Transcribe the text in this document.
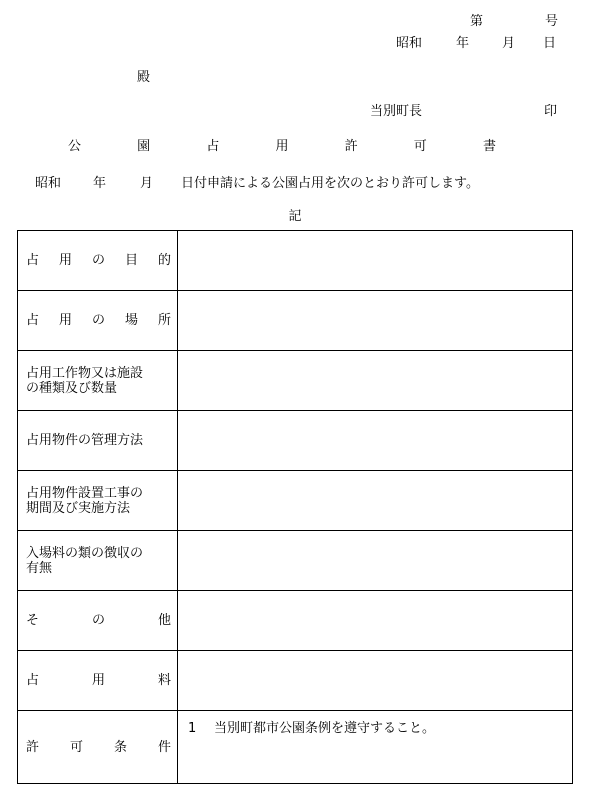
第	号
昭和	年	月 日
殿
当別町長	印
公 園 占 用 許 可 書
昭和 年	月 日付申請による公園占用を次のとおり許可します。
記
占 用 の 目 的	

占 用 の 場 所	

占用工作物又は施設
の種類及び数量	

占用物件の管理方法	

占用物件設置工事の
期間及び実施方法	

入場料の類の徴収の
有無	

そ の 他	

占 用 料	

許 可 条 件	1 当別町都市公園条例を遵守すること。
